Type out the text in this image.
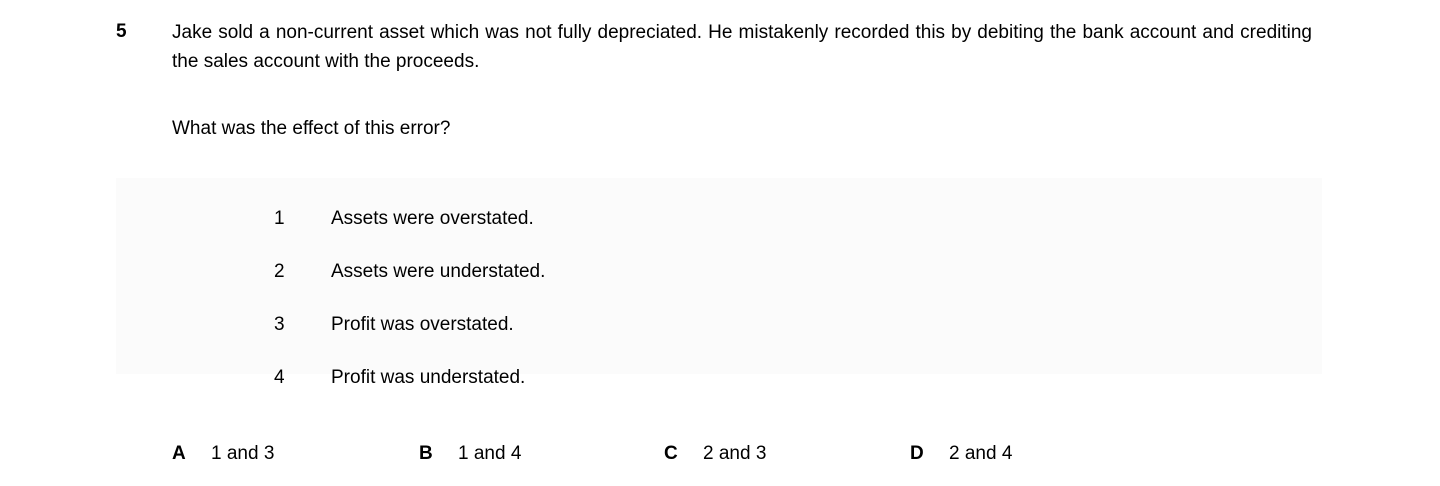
5 Jake sold a non-current asset which was not fully depreciated. He mistakenly recorded this by debiting the bank account and crediting the sales account with the proceeds.
What was the effect of this error?
1	Assets were overstated.
2	Assets were understated.
3	Profit was overstated.
4	Profit was understated.
A 1 and 3	B 1 and 4	C 2 and 3	D 2 and 4
